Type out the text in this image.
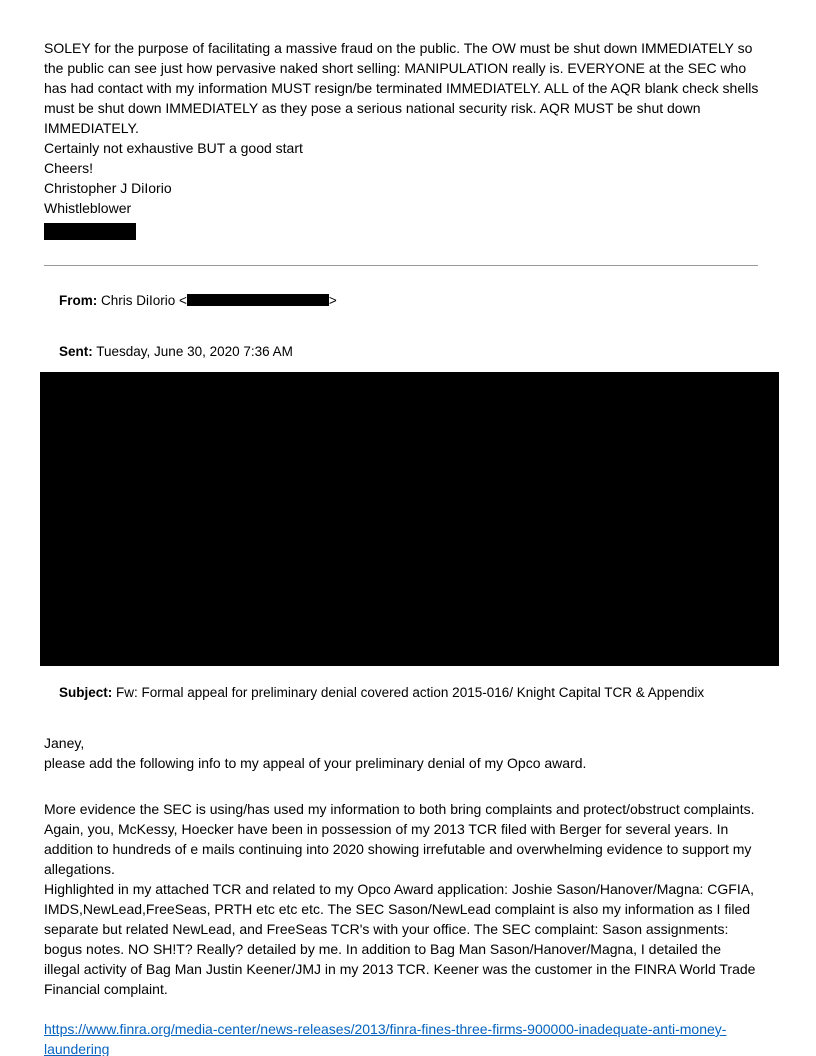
SOLEY for the purpose of facilitating a massive fraud on the public. The OW must be shut down IMMEDIATELY so the public can see just how pervasive naked short selling: MANIPULATION really is. EVERYONE at the SEC who has had contact with my information MUST resign/be terminated IMMEDIATELY. ALL of the AQR blank check shells must be shut down IMMEDIATELY as they pose a serious national security risk. AQR MUST be shut down IMMEDIATELY.

Certainly not exhaustive BUT a good start
Cheers!
Christopher J DiIorio
Whistleblower

From: Chris DiIorio <	>

Sent: Tuesday, June 30, 2020 7:36 AM

Subject: Fw: Formal appeal for preliminary denial covered action 2015-016/ Knight Capital TCR & Appendix

Janey,
please add the following info to my appeal of your preliminary denial of my Opco award.

More evidence the SEC is using/has used my information to both bring complaints and protect/obstruct complaints. Again, you, McKessy, Hoecker have been in possession of my 2013 TCR filed with Berger for several years. In addition to hundreds of e mails continuing into 2020 showing irrefutable and overwhelming evidence to support my allegations.

Highlighted in my attached TCR and related to my Opco Award application: Joshie Sason/Hanover/Magna: CGFIA, IMDS,NewLead,FreeSeas, PRTH etc etc etc. The SEC Sason/NewLead complaint is also my information as I filed separate but related NewLead, and FreeSeas TCR's with your office. The SEC complaint: Sason assignments: bogus notes. NO SH!T? Really? detailed by me. In addition to Bag Man Sason/Hanover/Magna, I detailed the illegal activity of Bag Man Justin Keener/JMJ in my 2013 TCR. Keener was the customer in the FINRA World Trade Financial complaint.

https://www.finra.org/media-center/news-releases/2013/finra-fines-three-firms-900000-inadequate-anti-money-laundering
